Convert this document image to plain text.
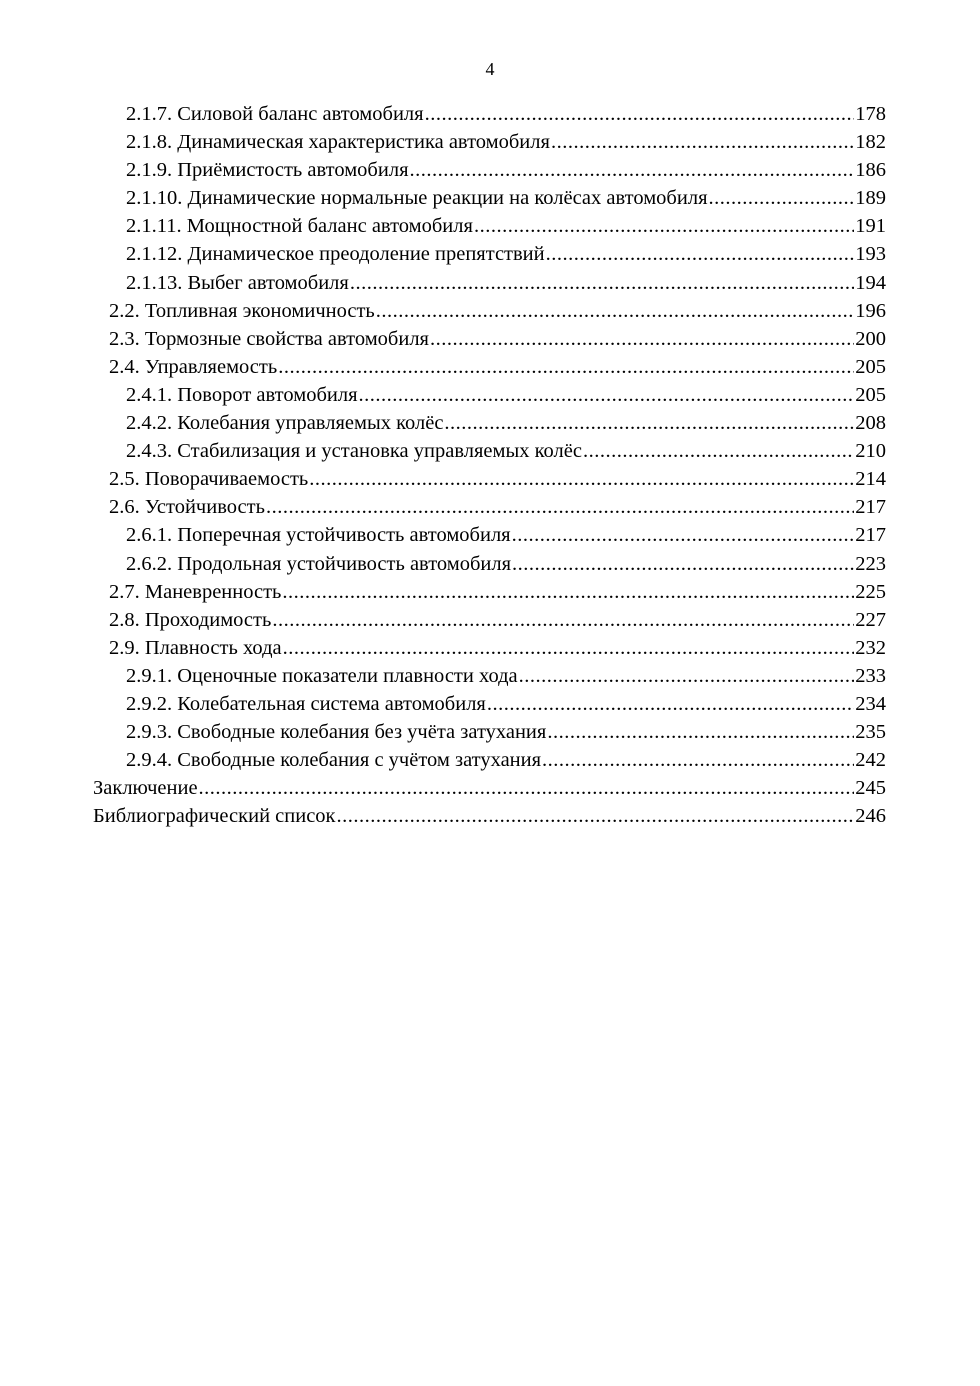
4
2.1.7. Силовой баланс автомобиля .....	178
2.1.8. Динамическая характеристика автомобиля .....	182
2.1.9. Приёмистость автомобиля .....	186
2.1.10. Динамические нормальные реакции на колёсах автомобиля .....	189
2.1.11. Мощностной баланс автомобиля .....	191
2.1.12. Динамическое преодоление препятствий .....	193
2.1.13. Выбег автомобиля .....	194
2.2. Топливная экономичность .....	196
2.3. Тормозные свойства автомобиля .....	200
2.4. Управляемость .....	205
2.4.1. Поворот автомобиля .....	205
2.4.2. Колебания управляемых колёс .....	208
2.4.3. Стабилизация и установка управляемых колёс .....	210
2.5. Поворачиваемость .....	214
2.6. Устойчивость .....	217
2.6.1. Поперечная устойчивость автомобиля .....	217
2.6.2. Продольная устойчивость автомобиля .....	223
2.7. Маневренность .....	225
2.8. Проходимость .....	227
2.9. Плавность хода .....	232
2.9.1. Оценочные показатели плавности хода .....	233
2.9.2. Колебательная система автомобиля .....	234
2.9.3. Свободные колебания без учёта затухания .....	235
2.9.4. Свободные колебания с учётом затухания .....	242
Заключение .....	245
Библиографический список .....	246
